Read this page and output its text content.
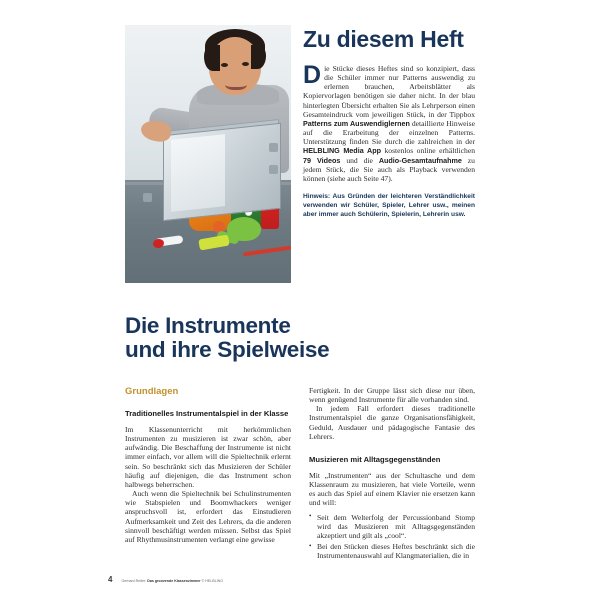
Zu diesem Heft

Die Stücke dieses Heftes sind so konzipiert, dass die Schüler immer nur Patterns auswendig zu erlernen brauchen, Arbeitsblätter als Kopiervorlagen benötigen sie daher nicht. In der blau hinterlegten Übersicht erhalten Sie als Lehrperson einen Gesamteindruck vom jeweiligen Stück, in der Tippbox Patterns zum Auswendiglernen detaillierte Hinweise auf die Erarbeitung der einzelnen Patterns. Unterstützung finden Sie durch die zahlreichen in der HELBLING Media App kostenlos online erhältlichen 79 Videos und die Audio-Gesamtaufnahme zu jedem Stück, die Sie auch als Playback verwenden können (siehe auch Seite 47).

Hinweis: Aus Gründen der leichteren Verständlichkeit verwenden wir Schüler, Spieler, Lehrer usw., meinen aber immer auch Schülerin, Spielerin, Lehrerin usw.

Die Instrumente
und ihre Spielweise
Grundlagen
Traditionelles Instrumentalspiel in der Klasse

Im Klassenunterricht mit herkömmlichen Instrumenten zu musizieren ist zwar schön, aber aufwändig. Die Beschaffung der Instrumente ist nicht immer einfach, vor allem will die Spieltechnik erlernt sein. So beschränkt sich das Musizieren der Schüler häufig auf diejenigen, die das Instrument schon halbwegs beherrschen.

Auch wenn die Spieltechnik bei Schulinstrumenten wie Stabspielen und Boomwhackers weniger anspruchsvoll ist, erfordert das Einstudieren Aufmerksamkeit und Zeit des Lehrers, da die anderen sinnvoll beschäftigt werden müssen. Selbst das Spiel auf Rhythmusinstrumenten verlangt eine gewisse

Fertigkeit. In der Gruppe lässt sich diese nur üben, wenn genügend Instrumente für alle vorhanden sind.

In jedem Fall erfordert dieses traditionelle Instrumentalspiel die ganze Organisationsfähigkeit, Geduld, Ausdauer und pädagogische Fantasie des Lehrers.

Musizieren mit Alltagsgegenständen

Mit „Instrumenten“ aus der Schultasche und dem Klassenraum zu musizieren, hat viele Vorteile, wenn es auch das Spiel auf einem Klavier nie ersetzen kann und will:

• Seit dem Welterfolg der Percussionband Stomp wird das Musizieren mit Alltagsgegenständen akzeptiert und gilt als „cool“.
• Bei den Stücken dieses Heftes beschränkt sich die Instrumentenauswahl auf Klangmaterialien, die in
4	Gerhard Reiter: Das groovende Klassenzimmer © HELBLING
